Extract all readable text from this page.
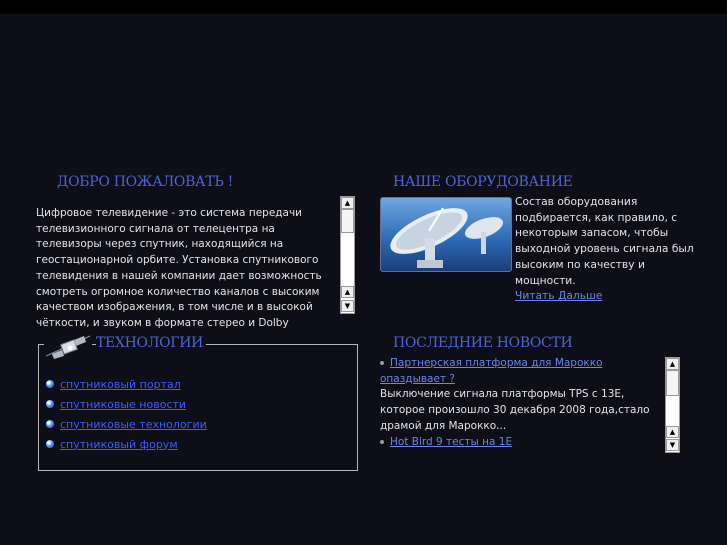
ДОБРО ПОЖАЛОВАТЬ !
Цифровое телевидение - это система передачи телевизионного сигнала от телецентра на телевизоры через спутник, находящийся на геостационарной орбите. Установка спутникового телевидения в нашей компании дает возможность смотреть огромное количество каналов с высоким качеством изображения, в том числе и в высокой чёткости, и звуком в формате стерео и Dolby
▲
▲
▼
НАШЕ ОБОРУДОВАНИЕ
Состав оборудования подбирается, как правило, с некоторым запасом, чтобы выходной уровень сигнала был высоким по качеству и мощности.
Читать Дальше
ТЕХНОЛОГИИ
спутниковый портал
спутниковые новости
спутниковые технологии
спутниковый форум
ПОСЛЕДНИЕ НОВОСТИ
Партнерская платформа для Марокко опаздывает ?
Выключение сигнала платформы TPS с 13E, которое произошло 30 декабря 2008 года,стало драмой для Марокко...
Hot Bird 9 тесты на 1E
▲
▲
▼
